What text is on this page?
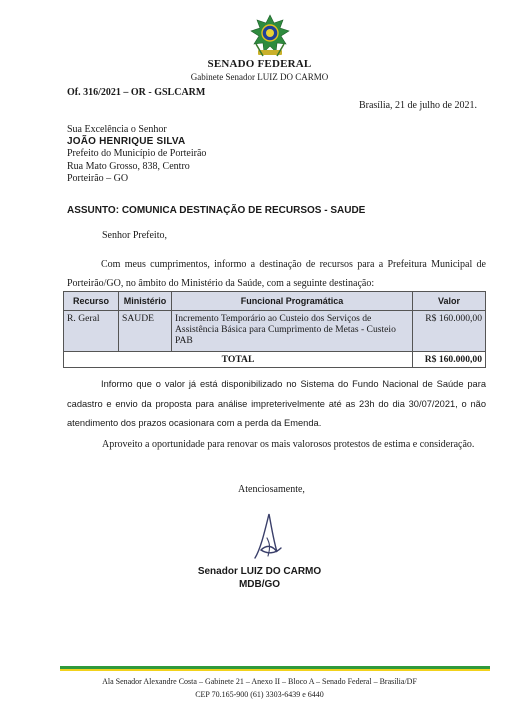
SENADO FEDERAL
Gabinete Senador LUIZ DO CARMO
Of. 316/2021 – OR - GSLCARM
Brasília, 21 de julho de 2021.
Sua Excelência o Senhor
JOÃO HENRIQUE SILVA
Prefeito do Município de Porteirão
Rua Mato Grosso, 838, Centro
Porteirão – GO
ASSUNTO: COMUNICA DESTINAÇÃO DE RECURSOS - SAUDE
Senhor Prefeito,
Com meus cumprimentos, informo a destinação de recursos para a Prefeitura Municipal de Porteirão/GO, no âmbito do Ministério da Saúde, com a seguinte destinação:
Recurso	Ministério	Funcional Programática	Valor
R. Geral	SAUDE	Incremento Temporário ao Custeio dos Serviços de Assistência Básica para Cumprimento de Metas - Custeio PAB	R$ 160.000,00
TOTAL			R$ 160.000,00
Informo que o valor já está disponibilizado no Sistema do Fundo Nacional de Saúde para cadastro e envio da proposta para análise impreterivelmente até as 23h do dia 30/07/2021, o não atendimento dos prazos ocasionara com a perda da Emenda.
Aproveito a oportunidade para renovar os mais valorosos protestos de estima e consideração.
Atenciosamente,
Senador LUIZ DO CARMO
MDB/GO
Ala Senador Alexandre Costa – Gabinete 21 – Anexo II – Bloco A – Senado Federal – Brasília/DF
CEP 70.165-900 (61) 3303-6439 e 6440
